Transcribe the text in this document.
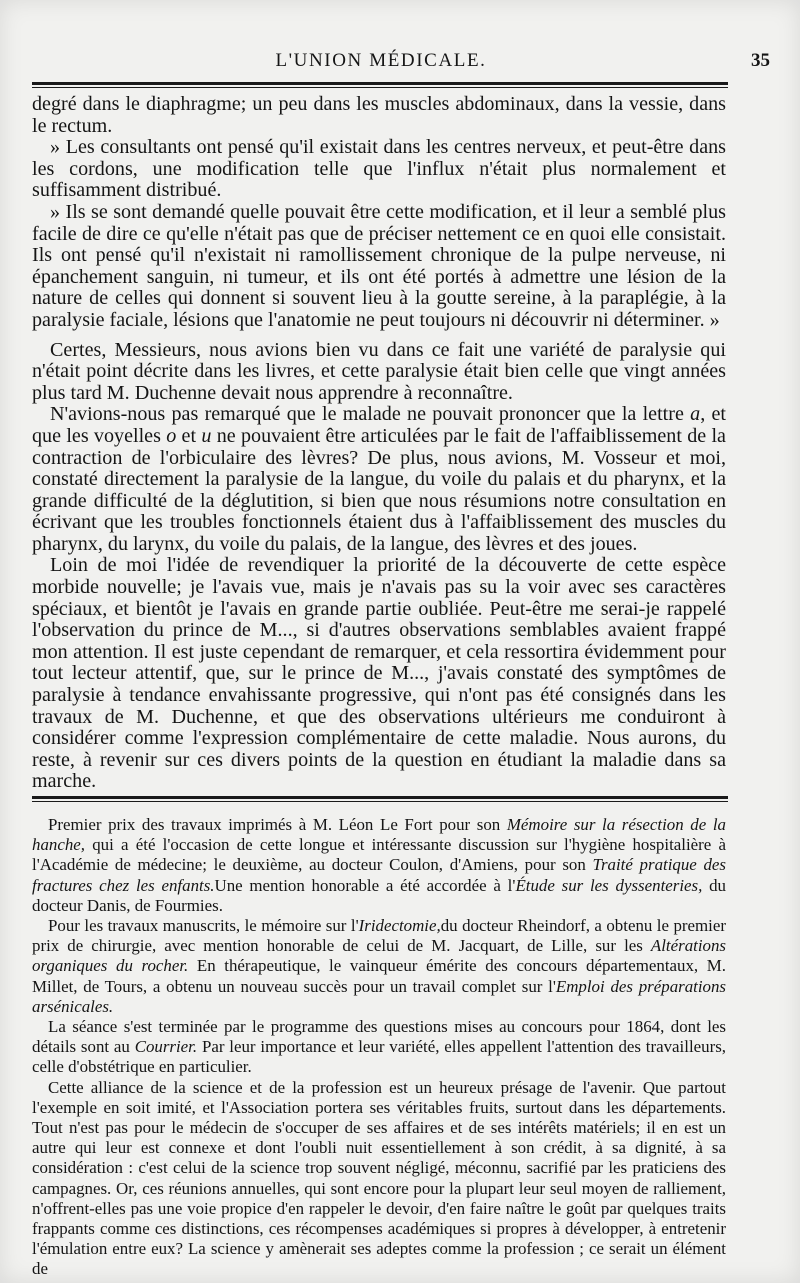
L'UNION MÉDICALE.	35

degré dans le diaphragme; un peu dans les muscles abdominaux, dans la vessie, dans le rectum.

» Les consultants ont pensé qu'il existait dans les centres nerveux, et peut-être dans les cordons, une modification telle que l'influx n'était plus normalement et suffisamment distribué.

» Ils se sont demandé quelle pouvait être cette modification, et il leur a semblé plus facile de dire ce qu'elle n'était pas que de préciser nettement ce en quoi elle consistait. Ils ont pensé qu'il n'existait ni ramollissement chronique de la pulpe nerveuse, ni épanchement sanguin, ni tumeur, et ils ont été portés à admettre une lésion de la nature de celles qui donnent si souvent lieu à la goutte sereine, à la paraplégie, à la paralysie faciale, lésions que l'anatomie ne peut toujours ni découvrir ni déterminer. »

Certes, Messieurs, nous avions bien vu dans ce fait une variété de paralysie qui n'était point décrite dans les livres, et cette paralysie était bien celle que vingt années plus tard M. Duchenne devait nous apprendre à reconnaître.

N'avions-nous pas remarqué que le malade ne pouvait prononcer que la lettre a, et que les voyelles o et u ne pouvaient être articulées par le fait de l'affaiblissement de la contraction de l'orbiculaire des lèvres? De plus, nous avions, M. Vosseur et moi, constaté directement la paralysie de la langue, du voile du palais et du pharynx, et la grande difficulté de la déglutition, si bien que nous résumions notre consultation en écrivant que les troubles fonctionnels étaient dus à l'affaiblissement des muscles du pharynx, du larynx, du voile du palais, de la langue, des lèvres et des joues.

Loin de moi l'idée de revendiquer la priorité de la découverte de cette espèce morbide nouvelle; je l'avais vue, mais je n'avais pas su la voir avec ses caractères spéciaux, et bientôt je l'avais en grande partie oubliée. Peut-être me serai-je rappelé l'observation du prince de M..., si d'autres observations semblables avaient frappé mon attention. Il est juste cependant de remarquer, et cela ressortira évidemment pour tout lecteur attentif, que, sur le prince de M..., j'avais constaté des symptômes de paralysie à tendance envahissante progressive, qui n'ont pas été consignés dans les travaux de M. Duchenne, et que des observations ultérieurs me conduiront à considérer comme l'expression complémentaire de cette maladie. Nous aurons, du reste, à revenir sur ces divers points de la question en étudiant la maladie dans sa marche.

Premier prix des travaux imprimés à M. Léon Le Fort pour son Mémoire sur la résection de la hanche, qui a été l'occasion de cette longue et intéressante discussion sur l'hygiène hospitalière à l'Académie de médecine; le deuxième, au docteur Coulon, d'Amiens, pour son Traité pratique des fractures chez les enfants.Une mention honorable a été accordée à l'Étude sur les dyssenteries, du docteur Danis, de Fourmies.

Pour les travaux manuscrits, le mémoire sur l'Iridectomie,du docteur Rheindorf, a obtenu le premier prix de chirurgie, avec mention honorable de celui de M. Jacquart, de Lille, sur les Altérations organiques du rocher. En thérapeutique, le vainqueur émérite des concours départementaux, M. Millet, de Tours, a obtenu un nouveau succès pour un travail complet sur l'Emploi des préparations arsénicales.

La séance s'est terminée par le programme des questions mises au concours pour 1864, dont les détails sont au Courrier. Par leur importance et leur variété, elles appellent l'attention des travailleurs, celle d'obstétrique en particulier.

Cette alliance de la science et de la profession est un heureux présage de l'avenir. Que partout l'exemple en soit imité, et l'Association portera ses véritables fruits, surtout dans les départements. Tout n'est pas pour le médecin de s'occuper de ses affaires et de ses intérêts matériels; il en est un autre qui leur est connexe et dont l'oubli nuit essentiellement à son crédit, à sa dignité, à sa considération : c'est celui de la science trop souvent négligé, méconnu, sacrifié par les praticiens des campagnes. Or, ces réunions annuelles, qui sont encore pour la plupart leur seul moyen de ralliement, n'offrent-elles pas une voie propice d'en rappeler le devoir, d'en faire naître le goût par quelques traits frappants comme ces distinctions, ces récompenses académiques si propres à développer, à entretenir l'émulation entre eux? La science y amènerait ses adeptes comme la profession ; ce serait un élément de
